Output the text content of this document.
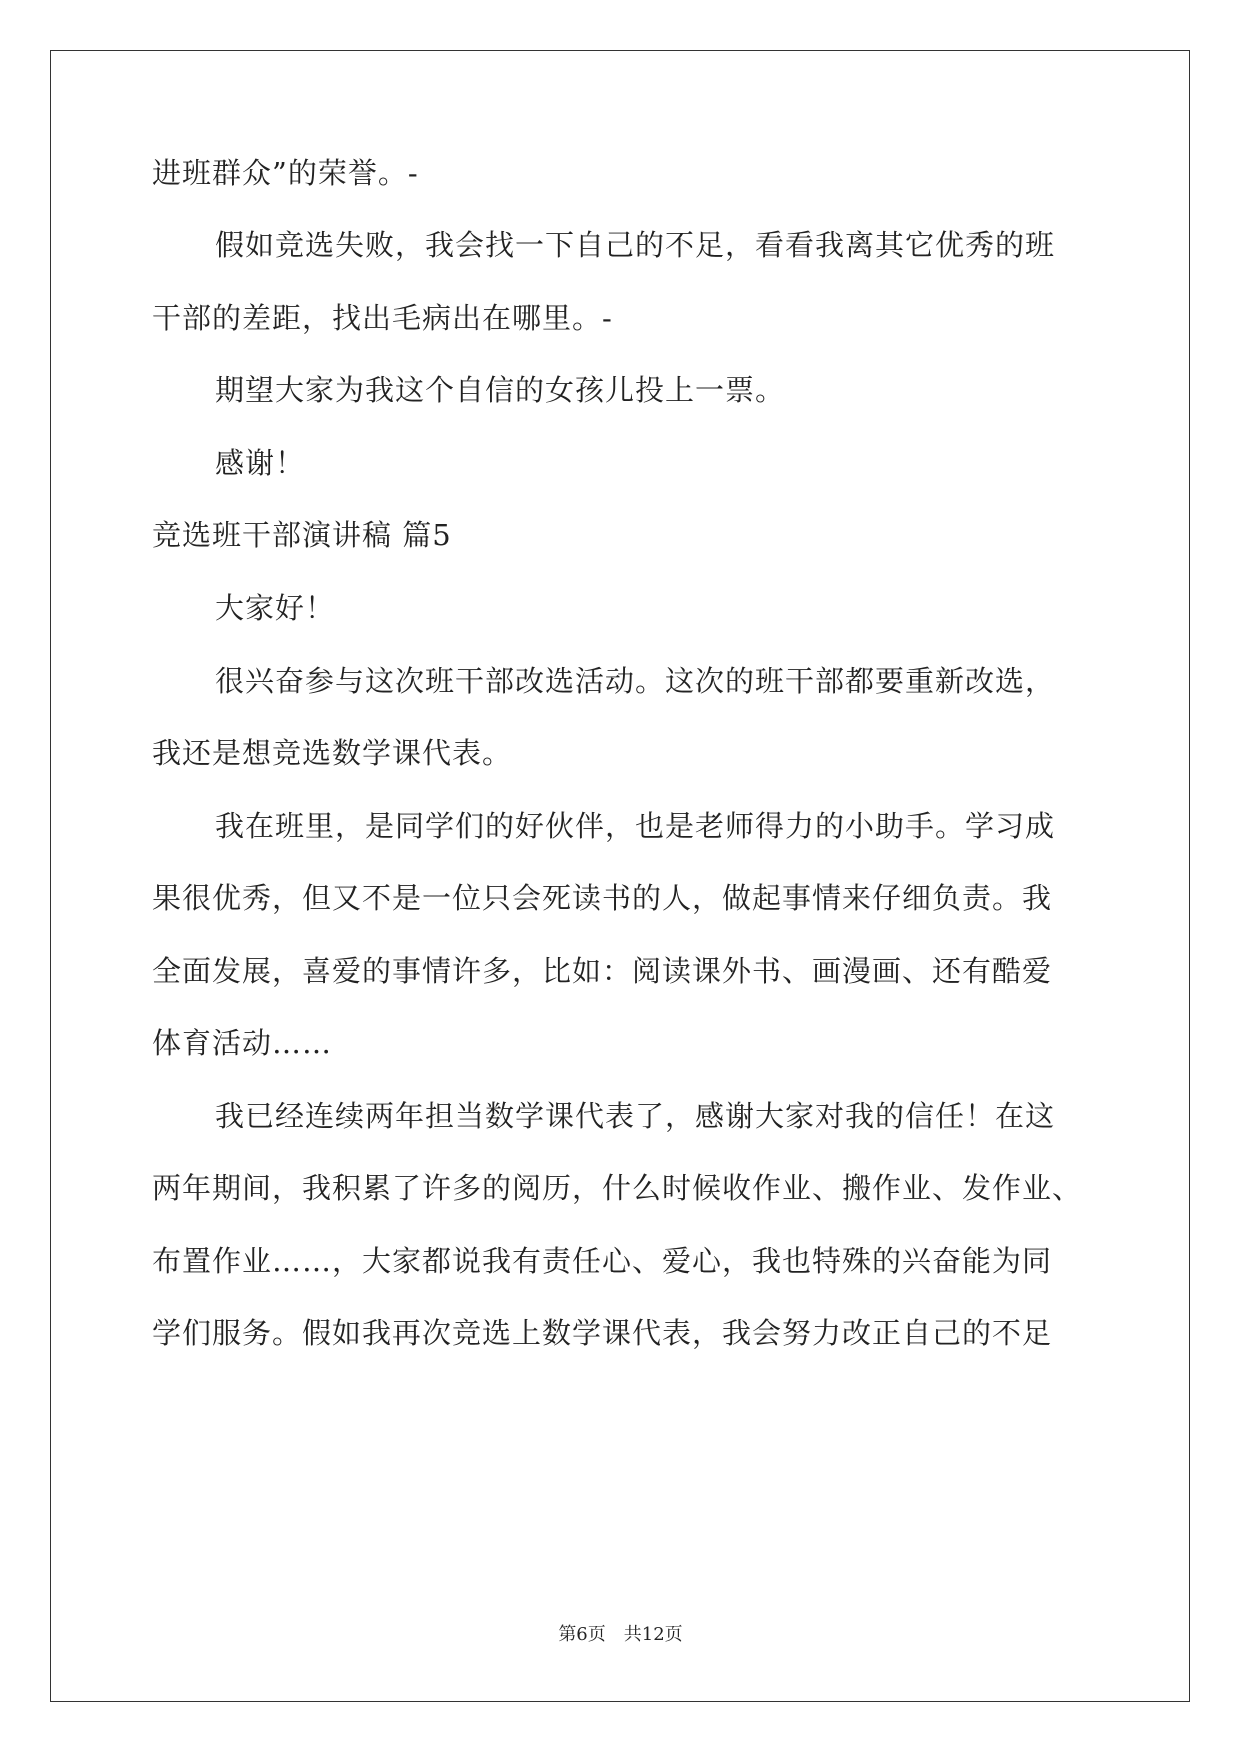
进班群众”的荣誉。-
假如竞选失败，我会找一下自己的不足，看看我离其它优秀的班
干部的差距，找出毛病出在哪里。-
期望大家为我这个自信的女孩儿投上一票。
感谢！
竞选班干部演讲稿 篇5
大家好！
很兴奋参与这次班干部改选活动。这次的班干部都要重新改选，
我还是想竞选数学课代表。
我在班里，是同学们的好伙伴，也是老师得力的小助手。学习成
果很优秀，但又不是一位只会死读书的人，做起事情来仔细负责。我
全面发展，喜爱的事情许多，比如：阅读课外书、画漫画、还有酷爱
体育活动……
我已经连续两年担当数学课代表了，感谢大家对我的信任！在这
两年期间，我积累了许多的阅历，什么时候收作业、搬作业、发作业、
布置作业……，大家都说我有责任心、爱心，我也特殊的兴奋能为同
学们服务。假如我再次竞选上数学课代表，我会努力改正自己的不足
第6页　共12页
